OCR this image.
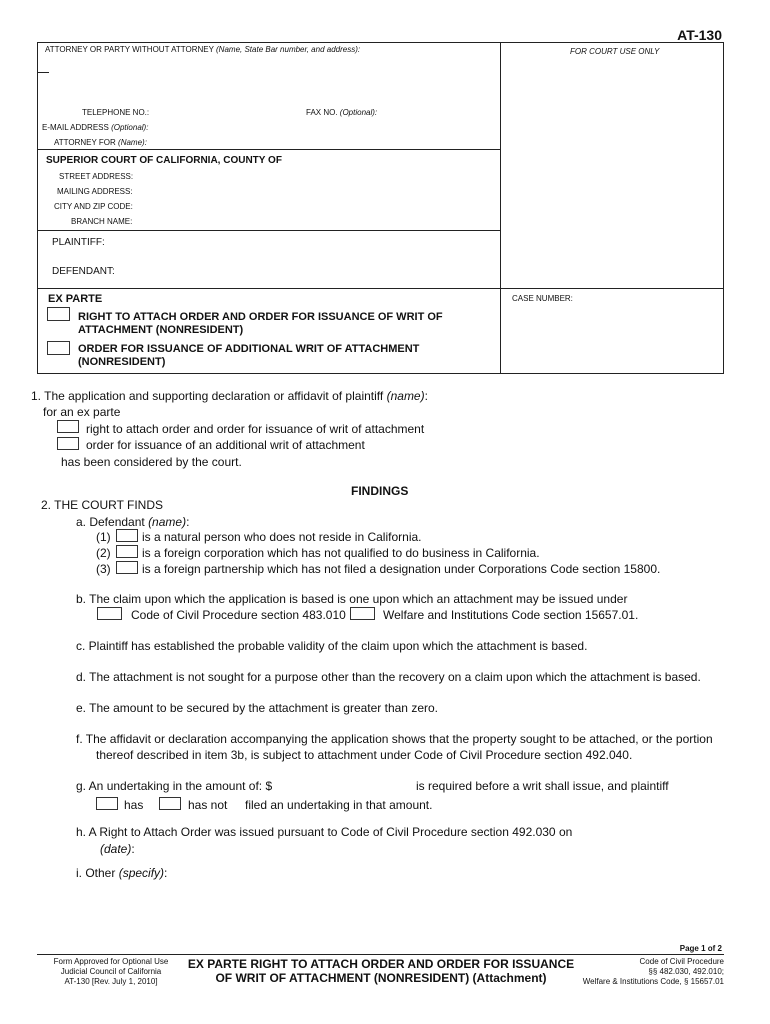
AT-130
ATTORNEY OR PARTY WITHOUT ATTORNEY (Name, State Bar number, and address):	FOR COURT USE ONLY
TELEPHONE NO.:	FAX NO. (Optional):
E-MAIL ADDRESS (Optional):
ATTORNEY FOR (Name):
SUPERIOR COURT OF CALIFORNIA, COUNTY OF
STREET ADDRESS:
MAILING ADDRESS:
CITY AND ZIP CODE:
BRANCH NAME:
PLAINTIFF:
DEFENDANT:
EX PARTE
RIGHT TO ATTACH ORDER AND ORDER FOR ISSUANCE OF WRIT OF
ATTACHMENT (NONRESIDENT)
ORDER FOR ISSUANCE OF ADDITIONAL WRIT OF ATTACHMENT
(NONRESIDENT)
CASE NUMBER:
1. The application and supporting declaration or affidavit of plaintiff (name):
for an ex parte
right to attach order and order for issuance of writ of attachment
order for issuance of an additional writ of attachment
has been considered by the court.
FINDINGS
2. THE COURT FINDS
a. Defendant (name):
(1)	is a natural person who does not reside in California.
(2)	is a foreign corporation which has not qualified to do business in California.
(3)	is a foreign partnership which has not filed a designation under Corporations Code section 15800.
b. The claim upon which the application is based is one upon which an attachment may be issued under
Code of Civil Procedure section 483.010	Welfare and Institutions Code section 15657.01.
c. Plaintiff has established the probable validity of the claim upon which the attachment is based.
d. The attachment is not sought for a purpose other than the recovery on a claim upon which the attachment is based.
e. The amount to be secured by the attachment is greater than zero.
f. The affidavit or declaration accompanying the application shows that the property sought to be attached, or the portion
thereof described in item 3b, is subject to attachment under Code of Civil Procedure section 492.040.
g. An undertaking in the amount of: $	is required before a writ shall issue, and plaintiff
has	has not filed an undertaking in that amount.
h. A Right to Attach Order was issued pursuant to Code of Civil Procedure section 492.030 on
(date):
i. Other (specify):
Page 1 of 2
Form Approved for Optional Use
Judicial Council of California
AT-130 [Rev. July 1, 2010]
EX PARTE RIGHT TO ATTACH ORDER AND ORDER FOR ISSUANCE
OF WRIT OF ATTACHMENT (NONRESIDENT) (Attachment)
Code of Civil Procedure
§§ 482.030, 492.010;
Welfare & Institutions Code, § 15657.01
